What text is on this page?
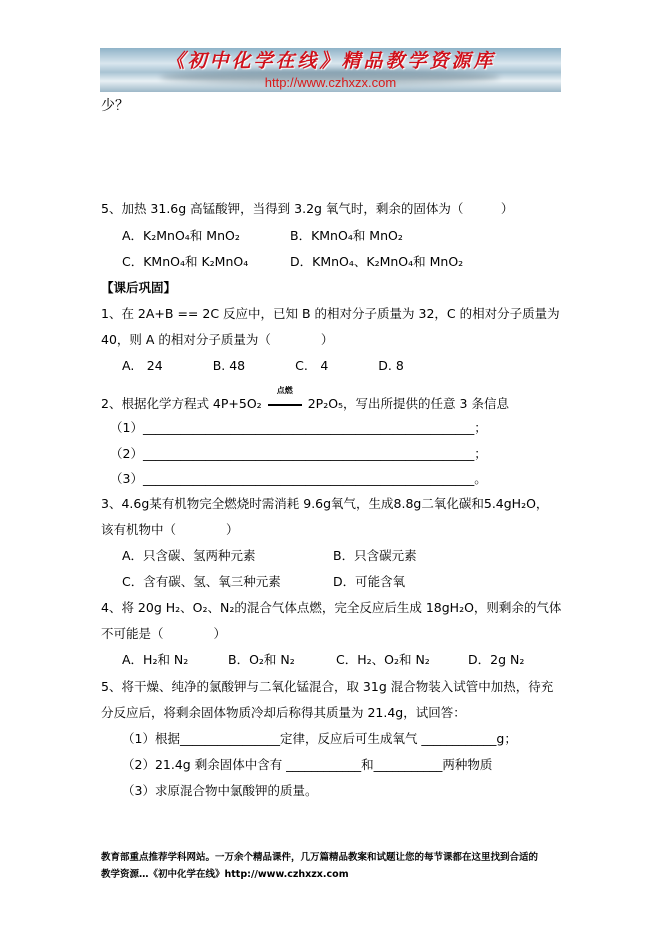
《初中化学在线》精品教学资源库
http://www.czhxzx.com
少？
5、加热 31.6g 高锰酸钾，当得到 3.2g 氧气时，剩余的固体为（　　　）
A．K₂MnO₄和 MnO₂	B．KMnO₄和 MnO₂
C．KMnO₄和 K₂MnO₄	D．KMnO₄、K₂MnO₄和 MnO₂
【课后巩固】
1、在 2A+B == 2C 反应中，已知 B 的相对分子质量为 32，C 的相对分子质量为
40，则 A 的相对分子质量为（　　　　）
A.　24　　　　B. 48　　　　C.　4　　　　D. 8
点燃
2、根据化学方程式 4P+5O₂	2P₂O₅，写出所提供的任意 3 条信息
（1）_____________________________________________________；
（2）_____________________________________________________；
（3）_____________________________________________________。
3、4.6g某有机物完全燃烧时需消耗 9.6g氧气，生成8.8g二氧化碳和5.4gH₂O，
该有机物中（　　　　）
A．只含碳、氢两种元素	B．只含碳元素
C．含有碳、氢、氧三种元素	D．可能含氧
4、将 20g H₂、O₂、N₂的混合气体点燃，完全反应后生成 18gH₂O，则剩余的气体
不可能是（　　　　）
A．H₂和 N₂	B．O₂和 N₂	C．H₂、O₂和 N₂	D．2g N₂
5、将干燥、纯净的氯酸钾与二氧化锰混合，取 31g 混合物装入试管中加热，待充
分反应后，将剩余固体物质冷却后称得其质量为 21.4g，试回答：
（1）根据________________定律，反应后可生成氧气 ____________g；
（2）21.4g 剩余固体中含有 ____________和___________两种物质
（3）求原混合物中氯酸钾的质量。
教育部重点推荐学科网站。一万余个精品课件，几万篇精品教案和试题让您的每节课都在这里找到合适的
教学资源…《初中化学在线》http://www.czhxzx.com
